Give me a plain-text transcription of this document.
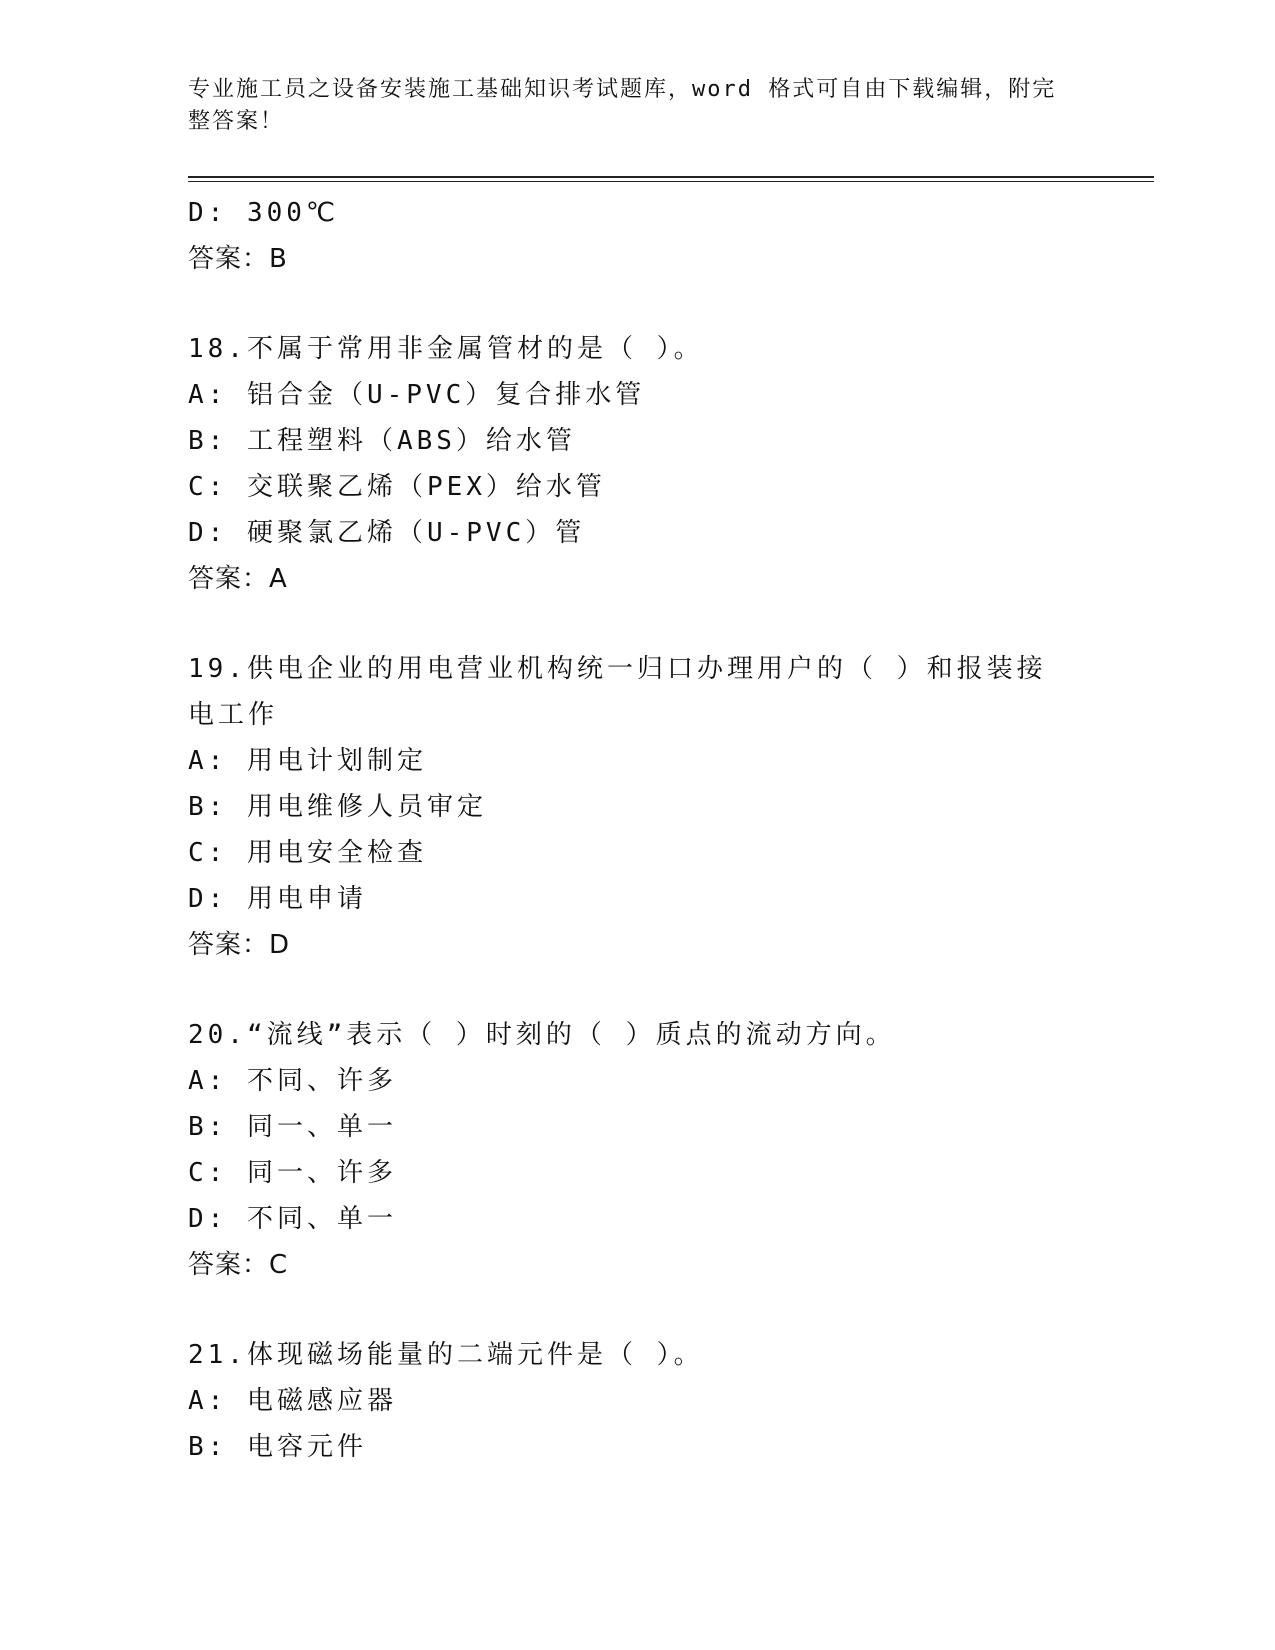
专业施工员之设备安装施工基础知识考试题库，word 格式可自由下载编辑，附完整答案！
D: 300℃
答案：B
18.不属于常用非金属管材的是（ ）。
A: 铝合金（U-PVC）复合排水管
B: 工程塑料（ABS）给水管
C: 交联聚乙烯（PEX）给水管
D: 硬聚氯乙烯（U-PVC）管
答案：A
19.供电企业的用电营业机构统一归口办理用户的（ ）和报装接电工作
A: 用电计划制定
B: 用电维修人员审定
C: 用电安全检查
D: 用电申请
答案：D
20.“流线”表示（ ）时刻的（ ）质点的流动方向。
A: 不同、许多
B: 同一、单一
C: 同一、许多
D: 不同、单一
答案：C
21.体现磁场能量的二端元件是（ ）。
A: 电磁感应器
B: 电容元件
